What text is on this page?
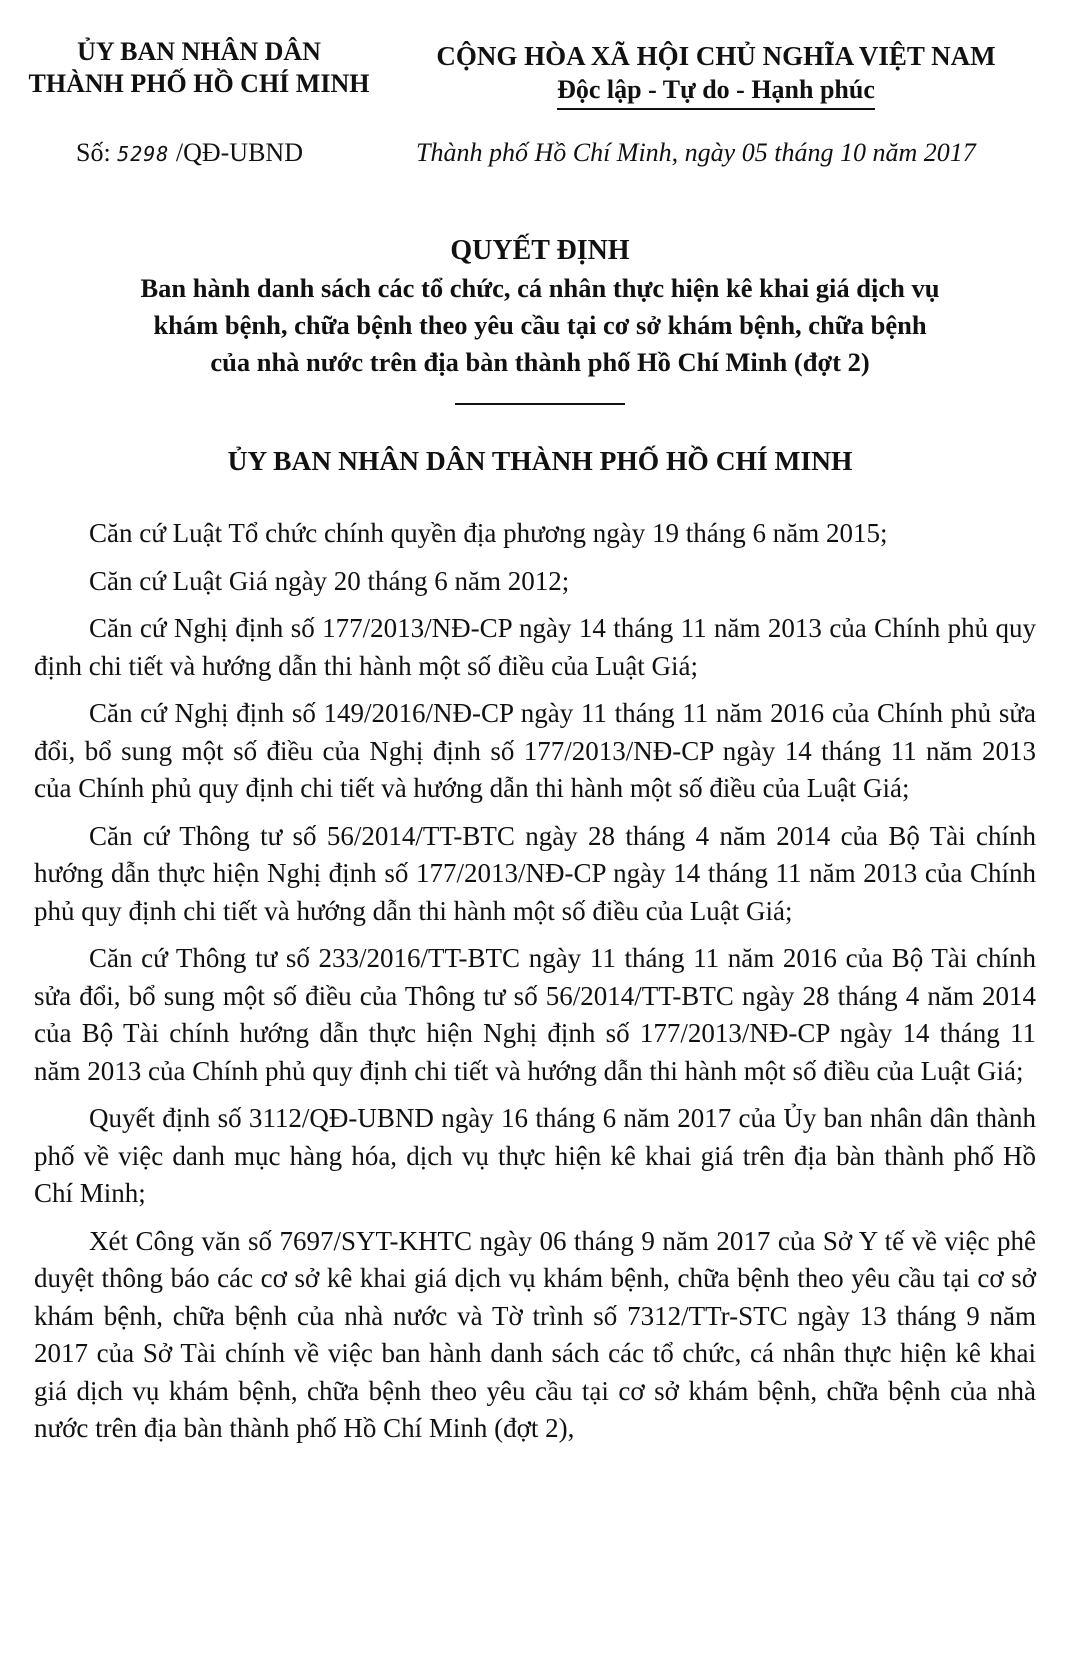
ỦY BAN NHÂN DÂN
THÀNH PHỐ HỒ CHÍ MINH
CỘNG HÒA XÃ HỘI CHỦ NGHĨA VIỆT NAM
Độc lập - Tự do - Hạnh phúc
Số: 5298 /QĐ-UBND	Thành phố Hồ Chí Minh, ngày 05 tháng 10 năm 2017
QUYẾT ĐỊNH
Ban hành danh sách các tổ chức, cá nhân thực hiện kê khai giá dịch vụ
khám bệnh, chữa bệnh theo yêu cầu tại cơ sở khám bệnh, chữa bệnh
của nhà nước trên địa bàn thành phố Hồ Chí Minh (đợt 2)
ỦY BAN NHÂN DÂN THÀNH PHỐ HỒ CHÍ MINH

Căn cứ Luật Tổ chức chính quyền địa phương ngày 19 tháng 6 năm 2015;

Căn cứ Luật Giá ngày 20 tháng 6 năm 2012;

Căn cứ Nghị định số 177/2013/NĐ-CP ngày 14 tháng 11 năm 2013 của Chính phủ quy định chi tiết và hướng dẫn thi hành một số điều của Luật Giá;

Căn cứ Nghị định số 149/2016/NĐ-CP ngày 11 tháng 11 năm 2016 của Chính phủ sửa đổi, bổ sung một số điều của Nghị định số 177/2013/NĐ-CP ngày 14 tháng 11 năm 2013 của Chính phủ quy định chi tiết và hướng dẫn thi hành một số điều của Luật Giá;

Căn cứ Thông tư số 56/2014/TT-BTC ngày 28 tháng 4 năm 2014 của Bộ Tài chính hướng dẫn thực hiện Nghị định số 177/2013/NĐ-CP ngày 14 tháng 11 năm 2013 của Chính phủ quy định chi tiết và hướng dẫn thi hành một số điều của Luật Giá;

Căn cứ Thông tư số 233/2016/TT-BTC ngày 11 tháng 11 năm 2016 của Bộ Tài chính sửa đổi, bổ sung một số điều của Thông tư số 56/2014/TT-BTC ngày 28 tháng 4 năm 2014 của Bộ Tài chính hướng dẫn thực hiện Nghị định số 177/2013/NĐ-CP ngày 14 tháng 11 năm 2013 của Chính phủ quy định chi tiết và hướng dẫn thi hành một số điều của Luật Giá;

Quyết định số 3112/QĐ-UBND ngày 16 tháng 6 năm 2017 của Ủy ban nhân dân thành phố về việc danh mục hàng hóa, dịch vụ thực hiện kê khai giá trên địa bàn thành phố Hồ Chí Minh;

Xét Công văn số 7697/SYT-KHTC ngày 06 tháng 9 năm 2017 của Sở Y tế về việc phê duyệt thông báo các cơ sở kê khai giá dịch vụ khám bệnh, chữa bệnh theo yêu cầu tại cơ sở khám bệnh, chữa bệnh của nhà nước và Tờ trình số 7312/TTr-STC ngày 13 tháng 9 năm 2017 của Sở Tài chính về việc ban hành danh sách các tổ chức, cá nhân thực hiện kê khai giá dịch vụ khám bệnh, chữa bệnh theo yêu cầu tại cơ sở khám bệnh, chữa bệnh của nhà nước trên địa bàn thành phố Hồ Chí Minh (đợt 2),
